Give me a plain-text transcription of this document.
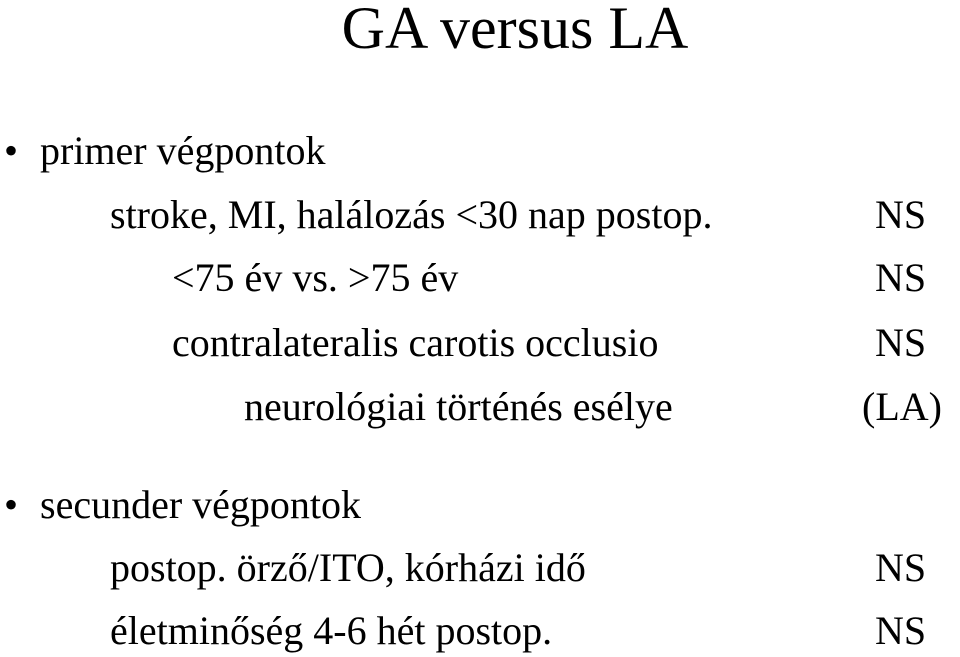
GA versus LA
• primer végpontok
stroke, MI, halálozás <30 nap postop.	NS
<75 év vs. >75 év	NS
contralateralis carotis occlusio	NS
neurológiai történés esélye	(LA)
• secunder végpontok
postop. örző/ITO, kórházi idő	NS
életminőség 4-6 hét postop.	NS
